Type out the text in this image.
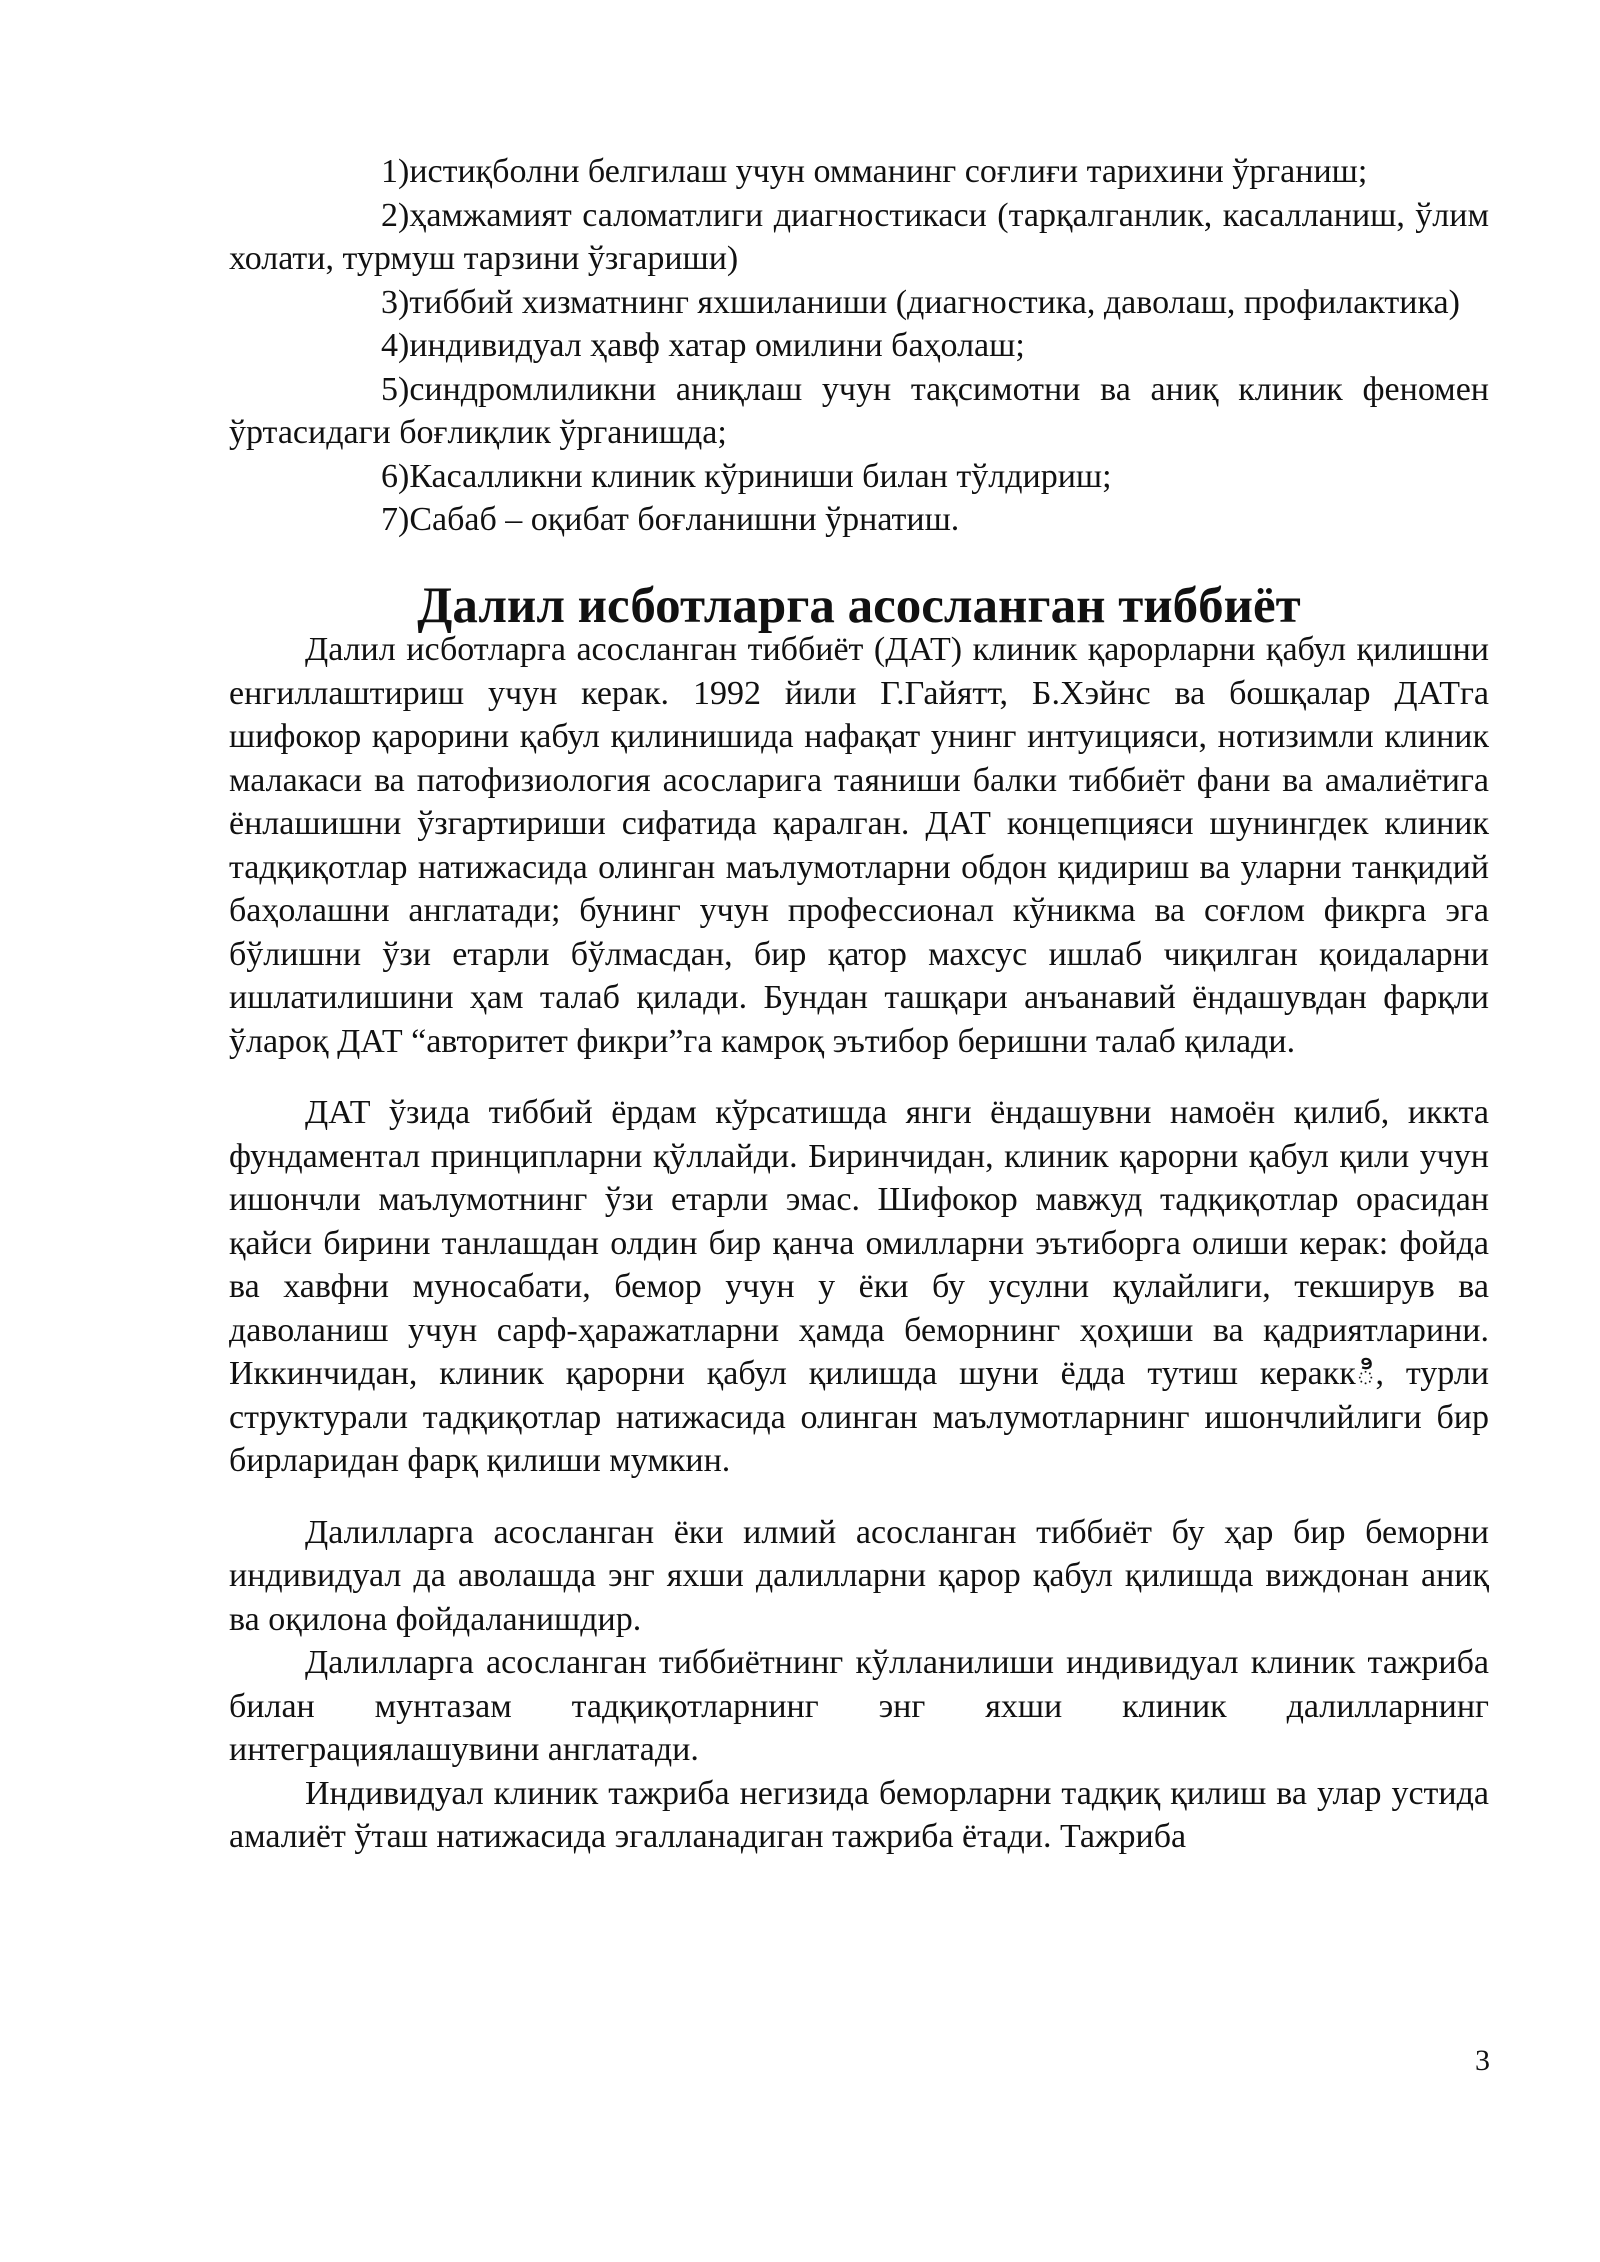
1)истиқболни белгилаш учун омманинг соғлиғи тарихини ўрганиш;

2)ҳамжамият саломатлиги диагностикаси (тарқалганлик, касалланиш, ўлим холати, турмуш тарзини ўзгариши)

3)тиббий хизматнинг яхшиланиши (диагностика, даволаш, профилактика)

4)индивидуал ҳавф хатар омилини баҳолаш;

5)синдромлиликни аниқлаш учун тақсимотни ва аниқ клиник феномен ўртасидаги боғлиқлик ўрганишда;

6)Касалликни клиник кўриниши билан тўлдириш;

7)Сабаб – оқибат боғланишни ўрнатиш.

Далил исботларга асосланган тиббиёт

Далил исботларга асосланган тиббиёт (ДАТ) клиник қарорларни қабул қилишни енгиллаштириш учун керак. 1992 йили Г.Гайятт, Б.Хэйнс ва бошқалар ДАТга шифокор қарорини қабул қилинишида нафақат унинг интуицияси, нотизимли клиник малакаси ва патофизиология асосларига таяниши балки тиббиёт фани ва амалиётига ёнлашишни ўзгартириши сифатида қаралган. ДАТ концепцияси шунингдек клиник тадқиқотлар натижасида олинган маълумотларни обдон қидириш ва уларни танқидий баҳолашни англатади; бунинг учун профессионал кўникма ва соғлом фикрга эга бўлишни ўзи етарли бўлмасдан, бир қатор махсус ишлаб чиқилган қоидаларни ишлатилишини ҳам талаб қилади. Бундан ташқари анъанавий ёндашувдан фарқли ўлароқ ДАТ “авторитет фикри”га камроқ эътибор беришни талаб қилади.

ДАТ ўзида тиббий ёрдам кўрсатишда янги ёндашувни намоён қилиб, иккта фундаментал принципларни қўллайди. Биринчидан, клиник қарорни қабул қили учун ишончли маълумотнинг ўзи етарли эмас. Шифокор мавжуд тадқиқотлар орасидан қайси бирини танлашдан олдин бир қанча омилларни эътиборга олиши керак: фойда ва хавфни муносабати, бемор учун у ёки бу усулни қулайлиги, текширув ва даволаниш учун сарф-ҳаражатларни ҳамда беморнинг ҳоҳиши ва қадриятларини. Иккинчидан, клиник қарорни қабул қилишда шуни ёдда тутиш кераккి, турли структурали тадқиқотлар натижасида олинган маълумотларнинг ишончлийлиги бир бирларидан фарқ қилиши мумкин.

Далилларга асосланган ёки илмий асосланган тиббиёт бу ҳар бир беморни индивидуал да аволашда энг яхши далилларни қарор қабул қилишда виждонан аниқ ва оқилона фойдаланишдир.

Далилларга асосланган тиббиётнинг кўлланилиши индивидуал клиник тажриба билан мунтазам тадқиқотларнинг энг яхши клиник далилларнинг интеграциялашувини англатади.

Индивидуал клиник тажриба негизида беморларни тадқиқ қилиш ва улар устида амалиёт ўташ натижасида эгалланадиган тажриба ётади. Тажриба

3
